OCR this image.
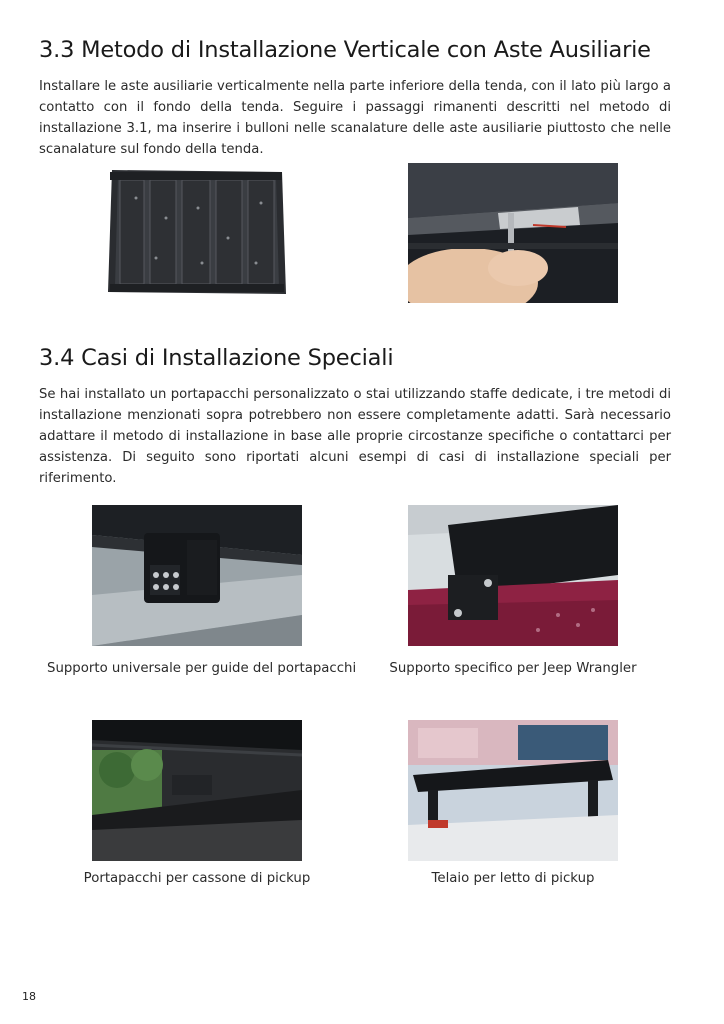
3.3 Metodo di Installazione Verticale con Aste Ausiliarie

Installare le aste ausiliarie verticalmente nella parte inferiore della tenda, con il lato più largo a contatto con il fondo della tenda. Seguire i passaggi rimanenti descritti nel metodo di installazione 3.1, ma inserire i bulloni nelle scanalature delle aste ausiliarie piuttosto che nelle scanalature sul fondo della tenda.

3.4 Casi di Installazione Speciali

Se hai installato un portapacchi personalizzato o stai utilizzando staffe dedicate, i tre metodi di installazione menzionati sopra potrebbero non essere completamente adatti. Sarà necessario adattare il metodo di installazione in base alle proprie circostanze specifiche o contattarci per assistenza. Di seguito sono riportati alcuni esempi di casi di installazione speciali per riferimento.

Supporto universale per guide del portapacchi	Supporto specifico per Jeep Wrangler
Portapacchi per cassone di pickup	Telaio per letto di pickup
18
